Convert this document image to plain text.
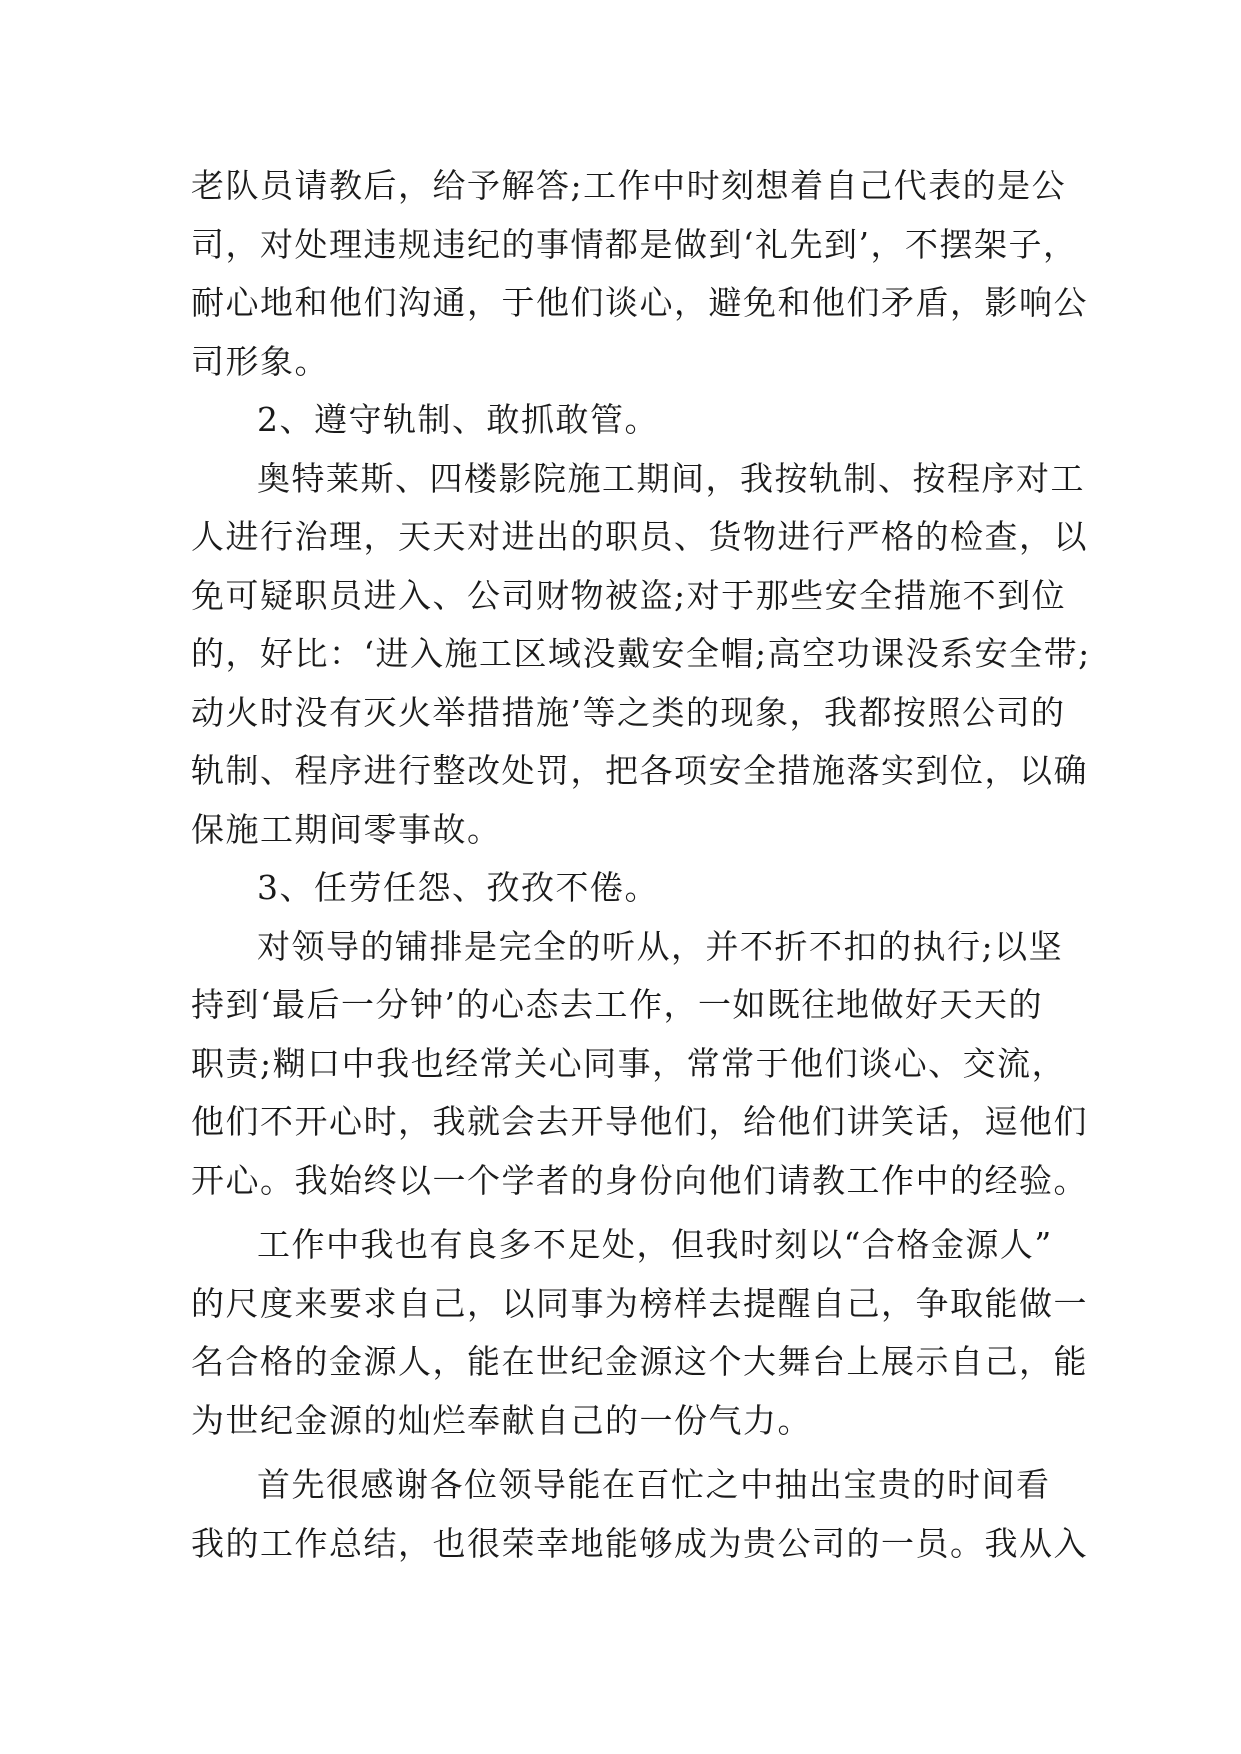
老队员请教后，给予解答;工作中时刻想着自己代表的是公
司，对处理违规违纪的事情都是做到‘礼先到’，不摆架子，
耐心地和他们沟通，于他们谈心，避免和他们矛盾，影响公
司形象。
2、遵守轨制、敢抓敢管。
奥特莱斯、四楼影院施工期间，我按轨制、按程序对工
人进行治理，天天对进出的职员、货物进行严格的检查，以
免可疑职员进入、公司财物被盗;对于那些安全措施不到位
的，好比：‘进入施工区域没戴安全帽;高空功课没系安全带;
动火时没有灭火举措措施’等之类的现象，我都按照公司的
轨制、程序进行整改处罚，把各项安全措施落实到位，以确
保施工期间零事故。
3、任劳任怨、孜孜不倦。
对领导的铺排是完全的听从，并不折不扣的执行;以坚
持到‘最后一分钟’的心态去工作，一如既往地做好天天的
职责;糊口中我也经常关心同事，常常于他们谈心、交流，
他们不开心时，我就会去开导他们，给他们讲笑话，逗他们
开心。我始终以一个学者的身份向他们请教工作中的经验。
工作中我也有良多不足处，但我时刻以“合格金源人”
的尺度来要求自己，以同事为榜样去提醒自己，争取能做一
名合格的金源人，能在世纪金源这个大舞台上展示自己，能
为世纪金源的灿烂奉献自己的一份气力。
首先很感谢各位领导能在百忙之中抽出宝贵的时间看
我的工作总结，也很荣幸地能够成为贵公司的一员。我从入
